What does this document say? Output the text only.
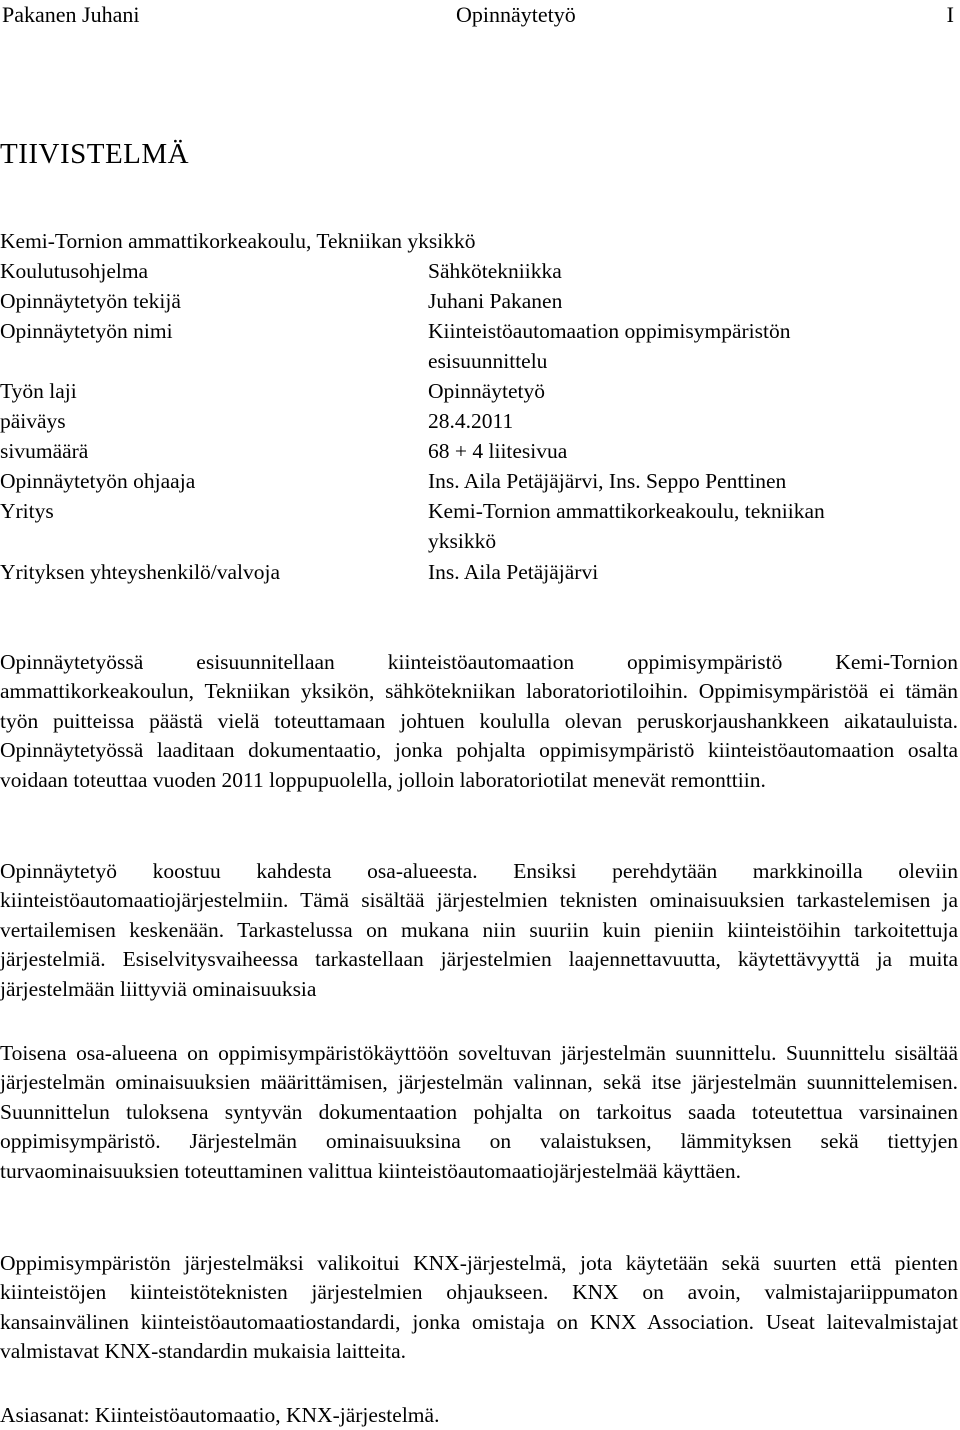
Pakanen Juhani	Opinnäytetyö	I
TIIVISTELMÄ
Kemi-Tornion ammattikorkeakoulu, Tekniikan yksikkö
Koulutusohjelma	Sähkötekniikka
Opinnäytetyön tekijä	Juhani Pakanen
Opinnäytetyön nimi	Kiinteistöautomaation oppimisympäristön
esisuunnittelu
Työn laji	Opinnäytetyö
päiväys	28.4.2011
sivumäärä	68 + 4 liitesivua
Opinnäytetyön ohjaaja	Ins. Aila Petäjäjärvi, Ins. Seppo Penttinen
Yritys	Kemi-Tornion ammattikorkeakoulu, tekniikan
yksikkö
Yrityksen yhteyshenkilö/valvoja	Ins. Aila Petäjäjärvi

Opinnäytetyössä esisuunnitellaan kiinteistöautomaation oppimisympäristö Kemi-Tornion ammattikorkeakoulun, Tekniikan yksikön, sähkötekniikan laboratoriotiloihin. Oppimisympäristöä ei tämän työn puitteissa päästä vielä toteuttamaan johtuen koululla olevan peruskorjaushankkeen aikatauluista. Opinnäytetyössä laaditaan dokumentaatio, jonka pohjalta oppimisympäristö kiinteistöautomaation osalta voidaan toteuttaa vuoden 2011 loppupuolella, jolloin laboratoriotilat menevät remonttiin.

Opinnäytetyö koostuu kahdesta osa-alueesta. Ensiksi perehdytään markkinoilla oleviin kiinteistöautomaatiojärjestelmiin. Tämä sisältää järjestelmien teknisten ominaisuuksien tarkastelemisen ja vertailemisen keskenään. Tarkastelussa on mukana niin suuriin kuin pieniin kiinteistöihin tarkoitettuja järjestelmiä. Esiselvitysvaiheessa tarkastellaan järjestelmien laajennettavuutta, käytettävyyttä ja muita järjestelmään liittyviä ominaisuuksia

Toisena osa-alueena on oppimisympäristökäyttöön soveltuvan järjestelmän suunnittelu. Suunnittelu sisältää järjestelmän ominaisuuksien määrittämisen, järjestelmän valinnan, sekä itse järjestelmän suunnittelemisen. Suunnittelun tuloksena syntyvän dokumentaation pohjalta on tarkoitus saada toteutettua varsinainen oppimisympäristö. Järjestelmän ominaisuuksina on valaistuksen, lämmityksen sekä tiettyjen turvaominaisuuksien toteuttaminen valittua kiinteistöautomaatiojärjestelmää käyttäen.

Oppimisympäristön järjestelmäksi valikoitui KNX-järjestelmä, jota käytetään sekä suurten että pienten kiinteistöjen kiinteistöteknisten järjestelmien ohjaukseen. KNX on avoin, valmistajariippumaton kansainvälinen kiinteistöautomaatiostandardi, jonka omistaja on KNX Association. Useat laitevalmistajat valmistavat KNX-standardin mukaisia laitteita.

Asiasanat: Kiinteistöautomaatio, KNX-järjestelmä.
